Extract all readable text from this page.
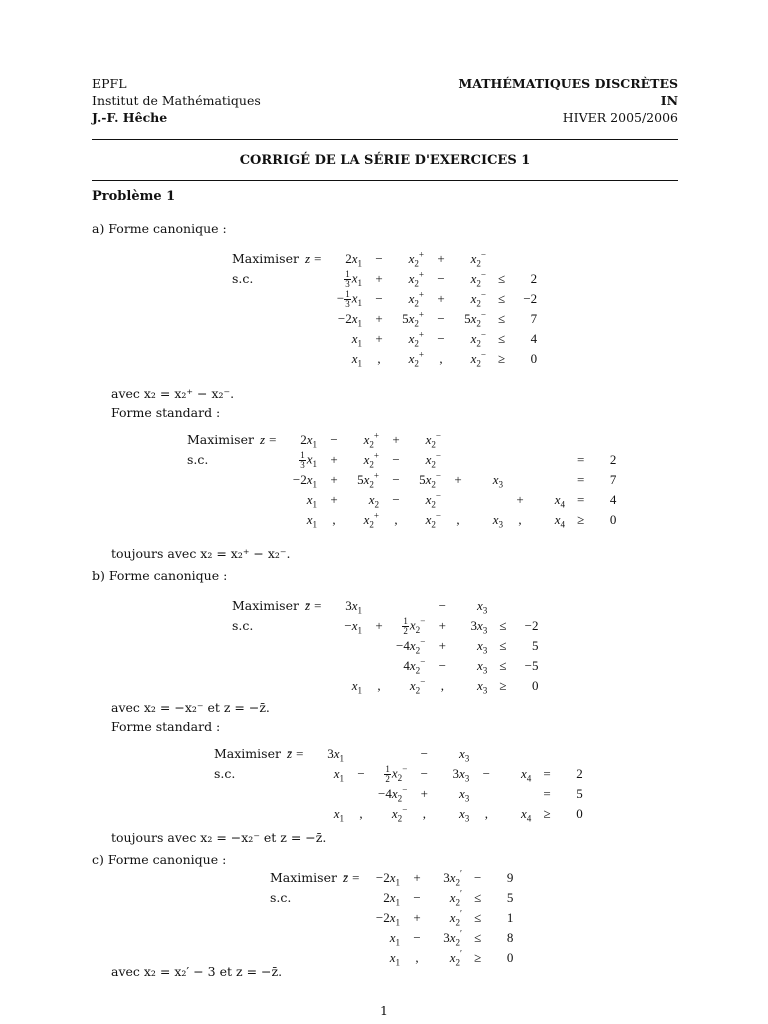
EPFL
Institut de Mathématiques
J.-F. Hêche
MATHÉMATIQUES DISCRÈTES
IN
HIVER 2005/2006
CORRIGÉ DE LA SÉRIE D'EXERCICES 1
Problème 1
a) Forme canonique :
Maximiser	z =	$2x_1$	−	$x_2^+$	+	$x_2^-$		
s.c.		$\frac{1}{3} x_1$	+	$x_2^+$	−	$x_2^-$	≤	2
		− $\frac{1}{3} x_1$	−	$x_2^+$	+	$x_2^-$	≤	−2
		$-2x_1$	+	$5x_2^+$	−	$5x_2^-$	≤	7
		$x_1$	+	$x_2^+$	−	$x_2^-$	≤	4
		$x_1$	,	$x_2^+$	,	$x_2^-$	≥	0
avec x₂ = x₂⁺ − x₂⁻.
Forme standard :
Maximiser	z =	$2x_1$	−	$x_2^+$	+	$x_2^-$						
s.c.		$\frac{1}{3} x_1$	+	$x_2^+$	−	$x_2^-$					=	2
		$-2x_1$	+	$5x_2^+$	−	$5x_2^-$	+	$x_3$			=	7
		$x_1$	+	$x_2$	−	$x_2^-$			+	$x_4$	=	4
		$x_1$	,	$x_2^+$	,	$x_2^-$	,	$x_3$	,	$x_4$	≥	0
toujours avec x₂ = x₂⁺ − x₂⁻.
b) Forme canonique :
Maximiser	z̄ =	$3x_1$			−	$x_3$		
s.c.		$-x_1$	+	$\frac{1}{2} x_2^-$	+	$3x_3$	≤	−2
				$-4x_2^-$	+	$x_3$	≤	5
				$4x_2^-$	−	$x_3$	≤	−5
		$x_1$	,	$x_2^-$	,	$x_3$	≥	0
avec x₂ = −x₂⁻ et z = −z̄.
Forme standard :
Maximiser	z̄ =	$3x_1$			−	$x_3$				
s.c.		$x_1$	−	$\frac{1}{2} x_2^-$	−	$3x_3$	−	$x_4$	=	2
				$-4x_2^-$	+	$x_3$			=	5
		$x_1$	,	$x_2^-$	,	$x_3$	,	$x_4$	≥	0
toujours avec x₂ = −x₂⁻ et z = −z̄.
c) Forme canonique :
Maximiser	z̄ =	$-2x_1$	+	$3x_2'$	−	9
s.c.		$2x_1$	−	$x_2'$	≤	5
		$-2x_1$	+	$x_2'$	≤	1
		$x_1$	−	$3x_2'$	≤	8
		$x_1$	,	$x_2'$	≥	0
avec x₂ = x₂′ − 3 et z = −z̄.
1
